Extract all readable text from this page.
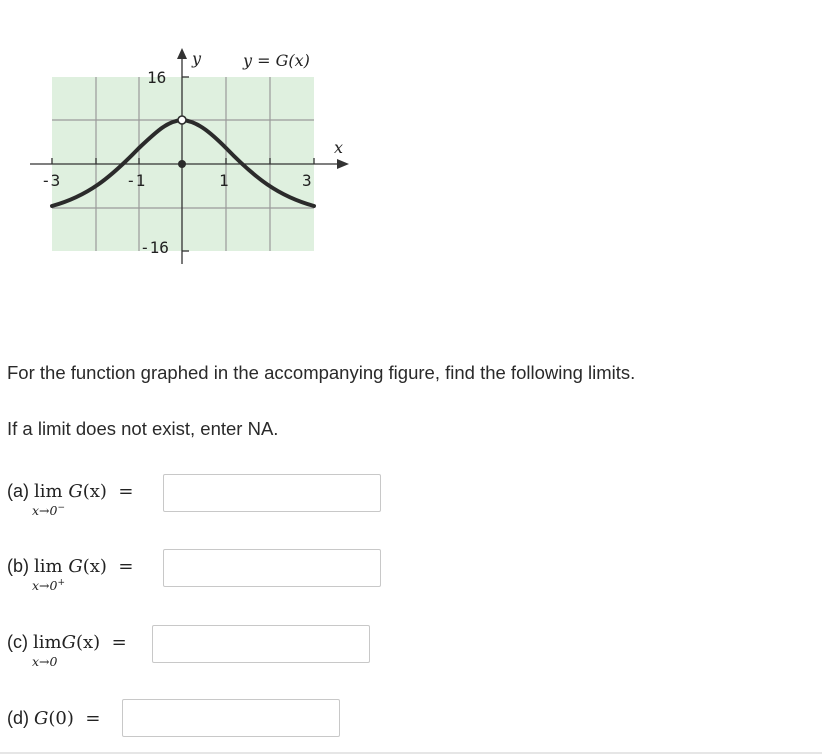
y	y = G(x)
x
16
-16
-3	-1	1	3

For the function graphed in the accompanying figure, find the following limits.

If a limit does not exist, enter NA.

(a) lim G(x) =
x→0−
(b) lim G(x) =
x→0+
(c) limG(x) =
x→0
(d) G(0) =
